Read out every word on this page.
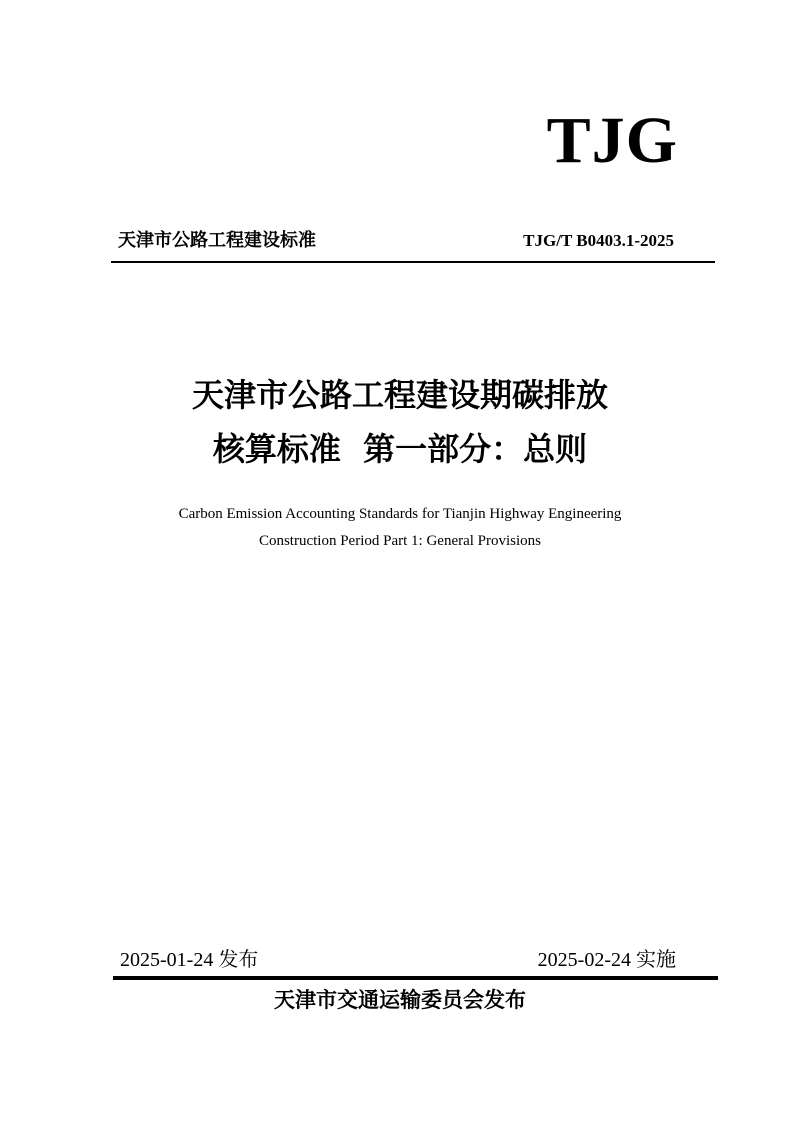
TJG
天津市公路工程建设标准	TJG/T B0403.1-2025
天津市公路工程建设期碳排放
核算标准  第一部分：总则
Carbon Emission Accounting Standards for Tianjin Highway Engineering
Construction Period Part 1: General Provisions
2025-01-24 发布	2025-02-24 实施
天津市交通运输委员会发布
